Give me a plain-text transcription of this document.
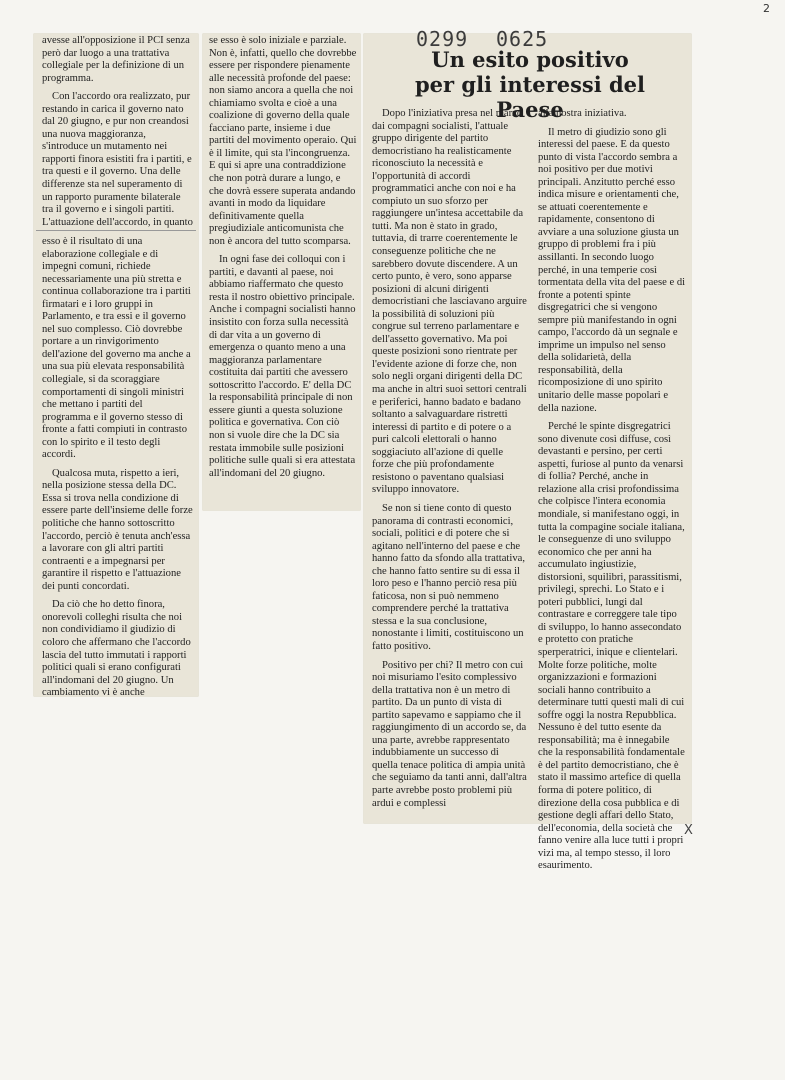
2

avesse all'opposizione il PCI senza però dar luogo a una trattativa collegiale per la definizione di un programma.

Con l'accordo ora realizzato, pur restando in carica il governo nato dal 20 giugno, e pur non creandosi una nuova maggioranza, s'introduce un mutamento nei rapporti finora esistiti fra i partiti, e tra questi e il governo. Una delle differenze sta nel superamento di un rapporto puramente bilaterale tra il governo e i singoli partiti. L'attuazione dell'accordo, in quanto

esso è il risultato di una elaborazione collegiale e di impegni comuni, richiede necessariamente una più stretta e continua collaborazione tra i partiti firmatari e i loro gruppi in Parlamento, e tra essi e il governo nel suo complesso. Ciò dovrebbe portare a un rinvigorimento dell'azione del governo ma anche a una sua più elevata responsabilità collegiale, si da scoraggiare comportamenti di singoli ministri che mettano i partiti del programma e il governo stesso di fronte a fatti compiuti in contrasto con lo spirito e il testo degli accordi.

Qualcosa muta, rispetto a ieri, nella posizione stessa della DC. Essa si trova nella condizione di essere parte dell'insieme delle forze politiche che hanno sottoscritto l'accordo, perciò è tenuta anch'essa a lavorare con gli altri partiti contraenti e a impegnarsi per garantire il rispetto e l'attuazione dei punti concordati.

Da ciò che ho detto finora, onorevoli colleghi risulta che noi non condividiamo il giudizio di coloro che affermano che l'accordo lascia del tutto immutati i rapporti politici quali si erano configurati all'indomani del 20 giugno. Un cambiamento vi è anche

se esso è solo iniziale e parziale. Non è, infatti, quello che dovrebbe essere per rispondere pienamente alle necessità profonde del paese: non siamo ancora a quella che noi chiamiamo svolta e cioè a una coalizione di governo della quale facciano parte, insieme i due partiti del movimento operaio. Qui è il limite, qui sta l'incongruenza. E qui si apre una contraddizione che non potrà durare a lungo, e che dovrà essere superata andando avanti in modo da liquidare definitivamente quella pregiudiziale anticomunista che non è ancora del tutto scomparsa.

In ogni fase dei colloqui con i partiti, e davanti al paese, noi abbiamo riaffermato che questo resta il nostro obiettivo principale. Anche i compagni socialisti hanno insistito con forza sulla necessità di dar vita a un governo di emergenza o quanto meno a una maggioranza parlamentare costituita dai partiti che avessero sottoscritto l'accordo. E' della DC la responsabilità principale di non essere giunti a questa soluzione politica e governativa. Con ciò non si vuole dire che la DC sia restata immobile sulle posizioni politiche sulle quali si era attestata all'indomani del 20 giugno.

0299 0625
Un esito positivo
per gli interessi del Paese

Dopo l'iniziativa presa nel marzo dai compagni socialisti, l'attuale gruppo dirigente del partito democristiano ha realisticamente riconosciuto la necessità e l'opportunità di accordi programmatici anche con noi e ha compiuto un suo sforzo per raggiungere un'intesa accettabile da tutti. Ma non è stato in grado, tuttavia, di trarre coerentemente le conseguenze politiche che ne sarebbero dovute discendere. A un certo punto, è vero, sono apparse posizioni di alcuni dirigenti democristiani che lasciavano arguire la possibilità di soluzioni più congrue sul terreno parlamentare e dell'assetto governativo. Ma poi queste posizioni sono rientrate per l'evidente azione di forze che, non solo negli organi dirigenti della DC ma anche in altri suoi settori centrali e periferici, hanno badato e badano soltanto a salvaguardare ristretti interessi di partito e di potere o a puri calcoli elettorali o hanno soggiaciuto all'azione di quelle forze che più profondamente resistono o paventano qualsiasi sviluppo innovatore.

Se non si tiene conto di questo panorama di contrasti economici, sociali, politici e di potere che si agitano nell'interno del paese e che hanno fatto da sfondo alla trattativa, che hanno fatto sentire su di essa il loro peso e l'hanno perciò resa più faticosa, non si può nemmeno comprendere perché la trattativa stessa e la sua conclusione, nonostante i limiti, costituiscono un fatto positivo.

Positivo per chi? Il metro con cui noi misuriamo l'esito complessivo della trattativa non è un metro di partito. Da un punto di vista di partito sapevamo e sappiamo che il raggiungimento di un accordo se, da una parte, avrebbe rappresentato indubbiamente un successo di quella tenace politica di ampia unità che seguiamo da tanti anni, dall'altra parte avrebbe posto problemi più ardui e complessi

alla nostra iniziativa.

Il metro di giudizio sono gli interessi del paese. E da questo punto di vista l'accordo sembra a noi positivo per due motivi principali. Anzitutto perché esso indica misure e orientamenti che, se attuati coerentemente e rapidamente, consentono di avviare a una soluzione giusta un gruppo di problemi fra i più assillanti. In secondo luogo perché, in una temperie così tormentata della vita del paese e di fronte a potenti spinte disgregatrici che si vengono sempre più manifestando in ogni campo, l'accordo dà un segnale e imprime un impulso nel senso della solidarietà, della responsabilità, della ricomposizione di uno spirito unitario delle masse popolari e della nazione.

Perché le spinte disgregatrici sono divenute così diffuse, così devastanti e persino, per certi aspetti, furiose al punto da venarsi di follia? Perché, anche in relazione alla crisi profondissima che colpisce l'intera economia mondiale, si manifestano oggi, in tutta la compagine sociale italiana, le conseguenze di uno sviluppo economico che per anni ha accumulato ingiustizie, distorsioni, squilibri, parassitismi, privilegi, sprechi. Lo Stato e i poteri pubblici, lungi dal contrastare e correggere tale tipo di sviluppo, lo hanno assecondato e protetto con pratiche sperperatrici, inique e clientelari. Molte forze politiche, molte organizzazioni e formazioni sociali hanno contribuito a determinare tutti questi mali di cui soffre oggi la nostra Repubblica. Nessuno è del tutto esente da responsabilità; ma è innegabile che la responsabilità fondamentale è del partito democristiano, che è stato il massimo artefice di quella forma di potere politico, di direzione della cosa pubblica e di gestione degli affari dello Stato, dell'economia, della società che fanno venire alla luce tutti i propri vizi ma, al tempo stesso, il loro esaurimento.

X
